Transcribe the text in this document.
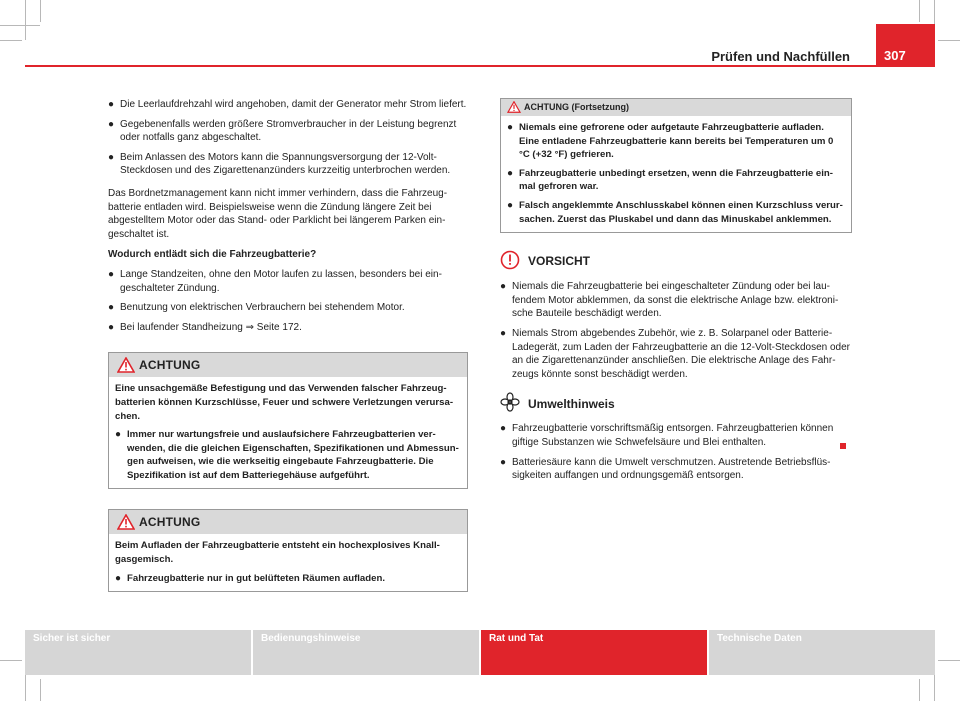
Prüfen und Nachfüllen	307
● Die Leerlaufdrehzahl wird angehoben, damit der Generator mehr Strom liefert.
● Gegebenenfalls werden größere Stromverbraucher in der Leistung begrenzt oder notfalls ganz abgeschaltet.
● Beim Anlassen des Motors kann die Spannungsversorgung der 12-Volt-Steckdosen und des Zigarettenanzünders kurzzeitig unterbrochen werden.
Das Bordnetzmanagement kann nicht immer verhindern, dass die Fahrzeugbatterie entladen wird. Beispielsweise wenn die Zündung längere Zeit bei abgestelltem Motor oder das Stand- oder Parklicht bei längerem Parken eingeschaltet ist.
Wodurch entlädt sich die Fahrzeugbatterie?
● Lange Standzeiten, ohne den Motor laufen zu lassen, besonders bei eingeschalteter Zündung.
● Benutzung von elektrischen Verbrauchern bei stehendem Motor.
● Bei laufender Standheizung ⇒ Seite 172.
ACHTUNG
Eine unsachgemäße Befestigung und das Verwenden falscher Fahrzeugbatterien können Kurzschlüsse, Feuer und schwere Verletzungen verursachen.
● Immer nur wartungsfreie und auslaufsichere Fahrzeugbatterien verwenden, die die gleichen Eigenschaften, Spezifikationen und Abmessungen aufweisen, wie die werkseitig eingebaute Fahrzeugbatterie. Die Spezifikation ist auf dem Batteriegehäuse aufgeführt.
ACHTUNG
Beim Aufladen der Fahrzeugbatterie entsteht ein hochexplosives Knallgasgemisch.
● Fahrzeugbatterie nur in gut belüfteten Räumen aufladen.
ACHTUNG (Fortsetzung)
● Niemals eine gefrorene oder aufgetaute Fahrzeugbatterie aufladen. Eine entladene Fahrzeugbatterie kann bereits bei Temperaturen um 0 °C (+32 °F) gefrieren.
● Fahrzeugbatterie unbedingt ersetzen, wenn die Fahrzeugbatterie einmal gefroren war.
● Falsch angeklemmte Anschlusskabel können einen Kurzschluss verursachen. Zuerst das Pluskabel und dann das Minuskabel anklemmen.
VORSICHT
● Niemals die Fahrzeugbatterie bei eingeschalteter Zündung oder bei laufendem Motor abklemmen, da sonst die elektrische Anlage bzw. elektronische Bauteile beschädigt werden.
● Niemals Strom abgebendes Zubehör, wie z. B. Solarpanel oder Batterie-Ladegerät, zum Laden der Fahrzeugbatterie an die 12-Volt-Steckdosen oder an die Zigarettenanzünder anschließen. Die elektrische Anlage des Fahrzeugs könnte sonst beschädigt werden.
Umwelthinweis
● Fahrzeugbatterie vorschriftsmäßig entsorgen. Fahrzeugbatterien können giftige Substanzen wie Schwefelsäure und Blei enthalten.
● Batteriesäure kann die Umwelt verschmutzen. Austretende Betriebsflüssigkeiten auffangen und ordnungsgemäß entsorgen.
Sicher ist sicher	Bedienungshinweise	Rat und Tat	Technische Daten
